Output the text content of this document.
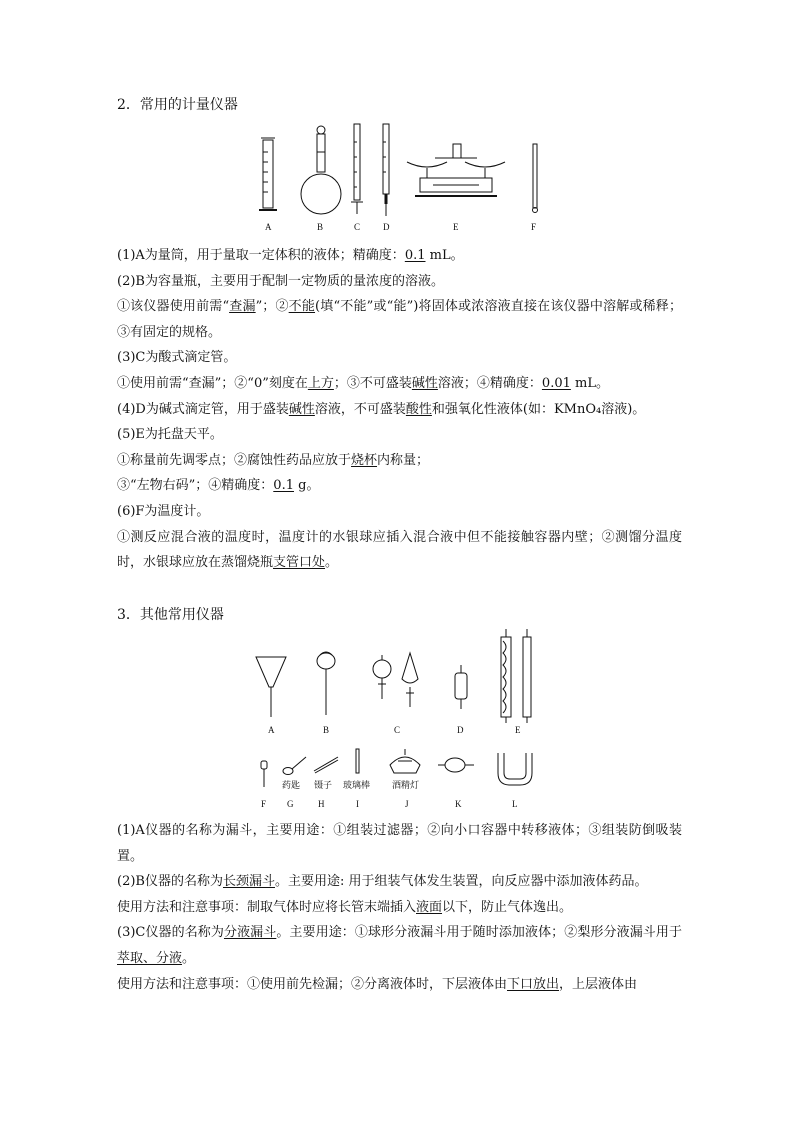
2．常用的计量仪器

A	B	C	D	E	F

(1)A为量筒，用于量取一定体积的液体；精确度：0.1 mL。

(2)B为容量瓶，主要用于配制一定物质的量浓度的溶液。

①该仪器使用前需“查漏”；②不能(填“不能”或“能”)将固体或浓溶液直接在该仪器中溶解或稀释；③有固定的规格。

(3)C为酸式滴定管。

①使用前需“查漏”；②“0”刻度在上方；③不可盛装碱性溶液；④精确度：0.01 mL。

(4)D为碱式滴定管，用于盛装碱性溶液，不可盛装酸性和强氧化性液体(如：KMnO₄溶液)。

(5)E为托盘天平。

①称量前先调零点；②腐蚀性药品应放于烧杯内称量；

③“左物右码”；④精确度：0.1 g。

(6)F为温度计。

①测反应混合液的温度时，温度计的水银球应插入混合液中但不能接触容器内壁；②测馏分温度时，水银球应放在蒸馏烧瓶支管口处。

3．其他常用仪器

A	B	C	D	E
药匙 镊子 玻璃棒 酒精灯
F G	H	I	J	K	L

(1)A仪器的名称为漏斗，主要用途：①组装过滤器；②向小口容器中转移液体；③组装防倒吸装置。

(2)B仪器的名称为长颈漏斗。主要用途: 用于组装气体发生装置，向反应器中添加液体药品。

使用方法和注意事项：制取气体时应将长管末端插入液面以下，防止气体逸出。

(3)C仪器的名称为分液漏斗。主要用途：①球形分液漏斗用于随时添加液体；②梨形分液漏斗用于萃取、分液。

使用方法和注意事项：①使用前先检漏；②分离液体时，下层液体由下口放出，上层液体由
